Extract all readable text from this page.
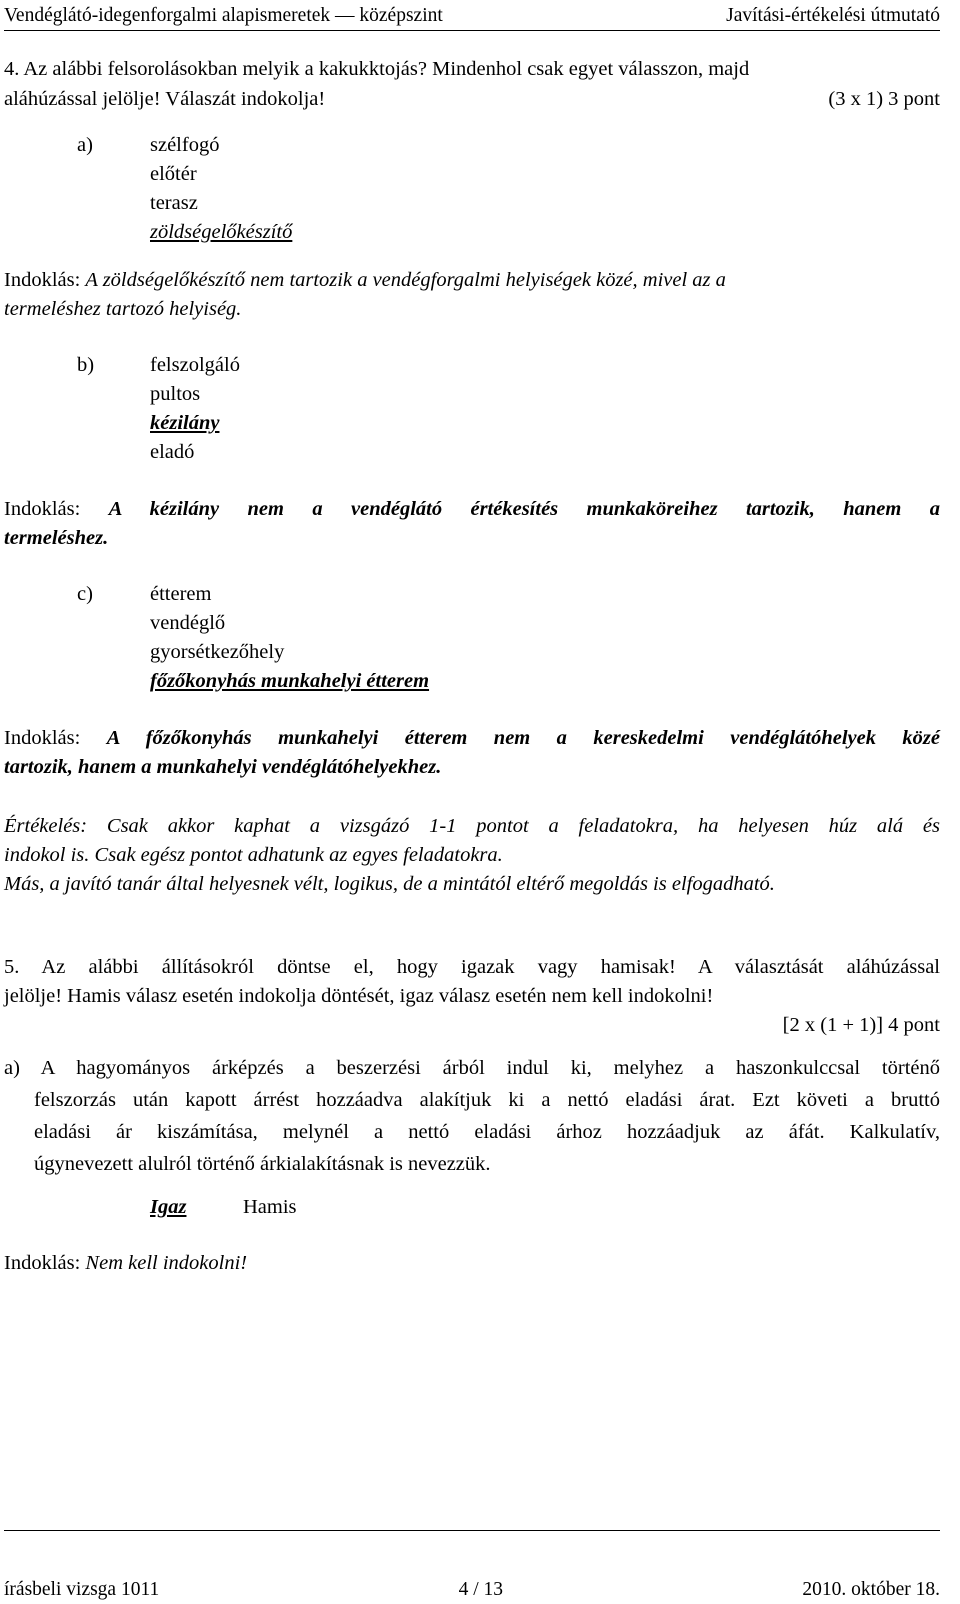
Vendéglátó-idegenforgalmi alapismeretek — középszint	Javítási-értékelési útmutató
4. Az alábbi felsorolásokban melyik a kakukktojás? Mindenhol csak egyet válasszon, majd
aláhúzással jelölje! Válaszát indokolja!	(3 x 1) 3 pont
a)	szélfogó
előtér
terasz
zöldségelőkészítő
Indoklás: A zöldségelőkészítő nem tartozik a vendégforgalmi helyiségek közé, mivel az a
termeléshez tartozó helyiség.
b)	felszolgáló
pultos
kézilány
eladó
Indoklás: A kézilány nem a vendéglátó értékesítés munkaköreihez tartozik, hanem a
termeléshez.
c)	étterem
vendéglő
gyorsétkezőhely
főzőkonyhás munkahelyi étterem
Indoklás: A főzőkonyhás munkahelyi étterem nem a kereskedelmi vendéglátóhelyek közé
tartozik, hanem a munkahelyi vendéglátóhelyekhez.
Értékelés: Csak akkor kaphat a vizsgázó 1-1 pontot a feladatokra, ha helyesen húz alá és
indokol is. Csak egész pontot adhatunk az egyes feladatokra.
Más, a javító tanár által helyesnek vélt, logikus, de a mintától eltérő megoldás is elfogadható.
5. Az alábbi állításokról döntse el, hogy igazak vagy hamisak! A választását aláhúzással
jelölje! Hamis válasz esetén indokolja döntését, igaz válasz esetén nem kell indokolni!
[2 x (1 + 1)] 4 pont
a) A hagyományos árképzés a beszerzési árból indul ki, melyhez a haszonkulccsal történő
felszorzás után kapott árrést hozzáadva alakítjuk ki a nettó eladási árat. Ezt követi a bruttó
eladási ár kiszámítása, melynél a nettó eladási árhoz hozzáadjuk az áfát. Kalkulatív,
úgynevezett alulról történő árkialakításnak is nevezzük.
Igaz	Hamis
Indoklás: Nem kell indokolni!
írásbeli vizsga 1011	4 / 13	2010. október 18.
